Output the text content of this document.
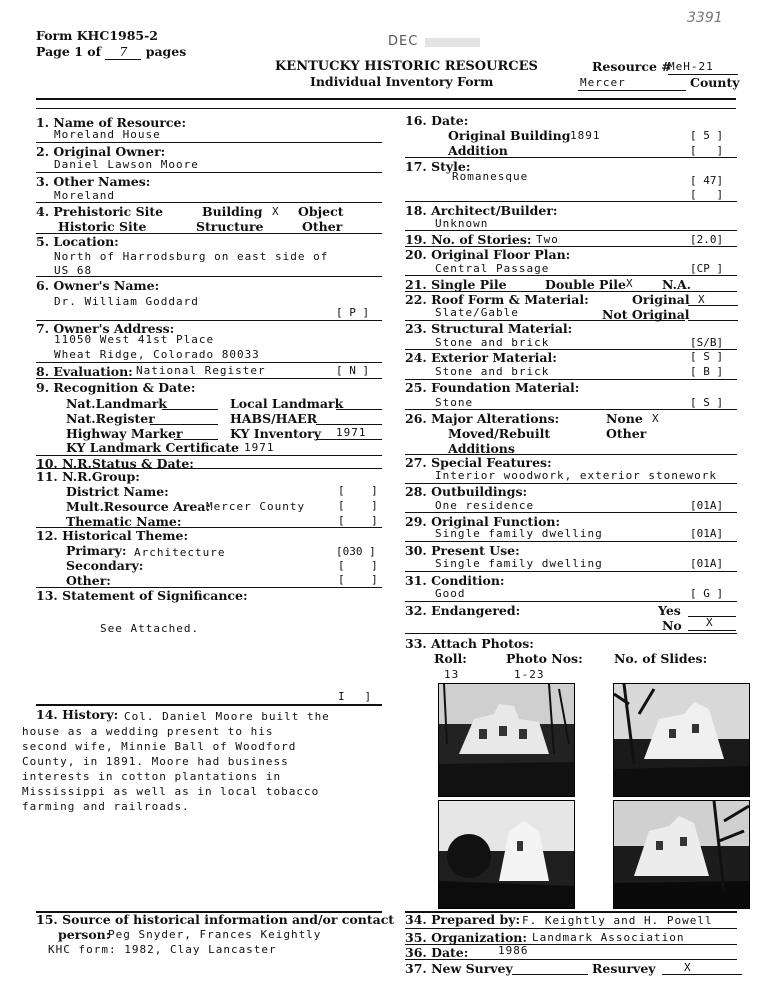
Form KHC1985-2
Page 1 of 7 pages
DEC
3391
KENTUCKY HISTORIC RESOURCES
Individual Inventory Form
Resource #
MeH-21
Mercer	County
1. Name of Resource:
Moreland House
2. Original Owner:
Daniel Lawson Moore
3. Other Names:
Moreland
4. Prehistoric Site	Building X Object
Historic Site	Structure	Other
5. Location:
North of Harrodsburg on east side of
US 68
6. Owner's Name:
Dr. William Goddard
[ P ]
7. Owner's Address:
11050 West 41st Place
Wheat Ridge, Colorado 80033
8. Evaluation: National Register	[ N ]
9. Recognition & Date:
Nat.Landmark	Local Landmark
Nat.Register	HABS/HAER
Highway Marker	KY Inventory 1971
KY Landmark Certificate 1971
10. N.R.Status & Date:
11. N.R.Group:
District Name:	[    ]
Mult.Resource Area:
Mercer County	[    ]
Thematic Name:	[    ]
12. Historical Theme:
Primary: Architecture	[030 ]
Secondary:	[    ]
Other:	[    ]
13. Statement of Significance:
See Attached.
I   ]
14. History: Col. Daniel Moore built the
house as a wedding present to his
second wife, Minnie Ball of Woodford
County, in 1891. Moore had business
interests in cotton plantations in
Mississippi as well as in local tobacco
farming and railroads.
15. Source of historical information and/or contact
person:
Peg Snyder, Frances Keightly
KHC form: 1982, Clay Lancaster
16. Date:
Original Building 1891	[ 5 ]
Addition	[   ]
17. Style:
Romanesque	[ 47]
[   ]
18. Architect/Builder:
Unknown
19. No. of Stories: Two	[2.0]
20. Original Floor Plan:
Central Passage	[CP ]
21. Single Pile	Double Pile X N.A.
22. Roof Form & Material:	Original X
Slate/Gable	Not Original
23. Structural Material:
Stone and brick	[S/B]
24. Exterior Material:	[ S ]
Stone and brick	[ B ]
25. Foundation Material:
Stone	[ S ]
26. Major Alterations:	None X
Moved/Rebuilt	Other
Additions
27. Special Features:
Interior woodwork, exterior stonework
28. Outbuildings:
One residence	[01A]
29. Original Function:
Single family dwelling	[01A]
30. Present Use:
Single family dwelling	[01A]
31. Condition:
Good	[ G ]
32. Endangered:	Yes
No X
33. Attach Photos:
Roll:	Photo Nos:	No. of Slides:
13	1-23
34. Prepared by: F. Keightly and H. Powell
35. Organization: Landmark Association
36. Date:	1986
37. New Survey	Resurvey	X
